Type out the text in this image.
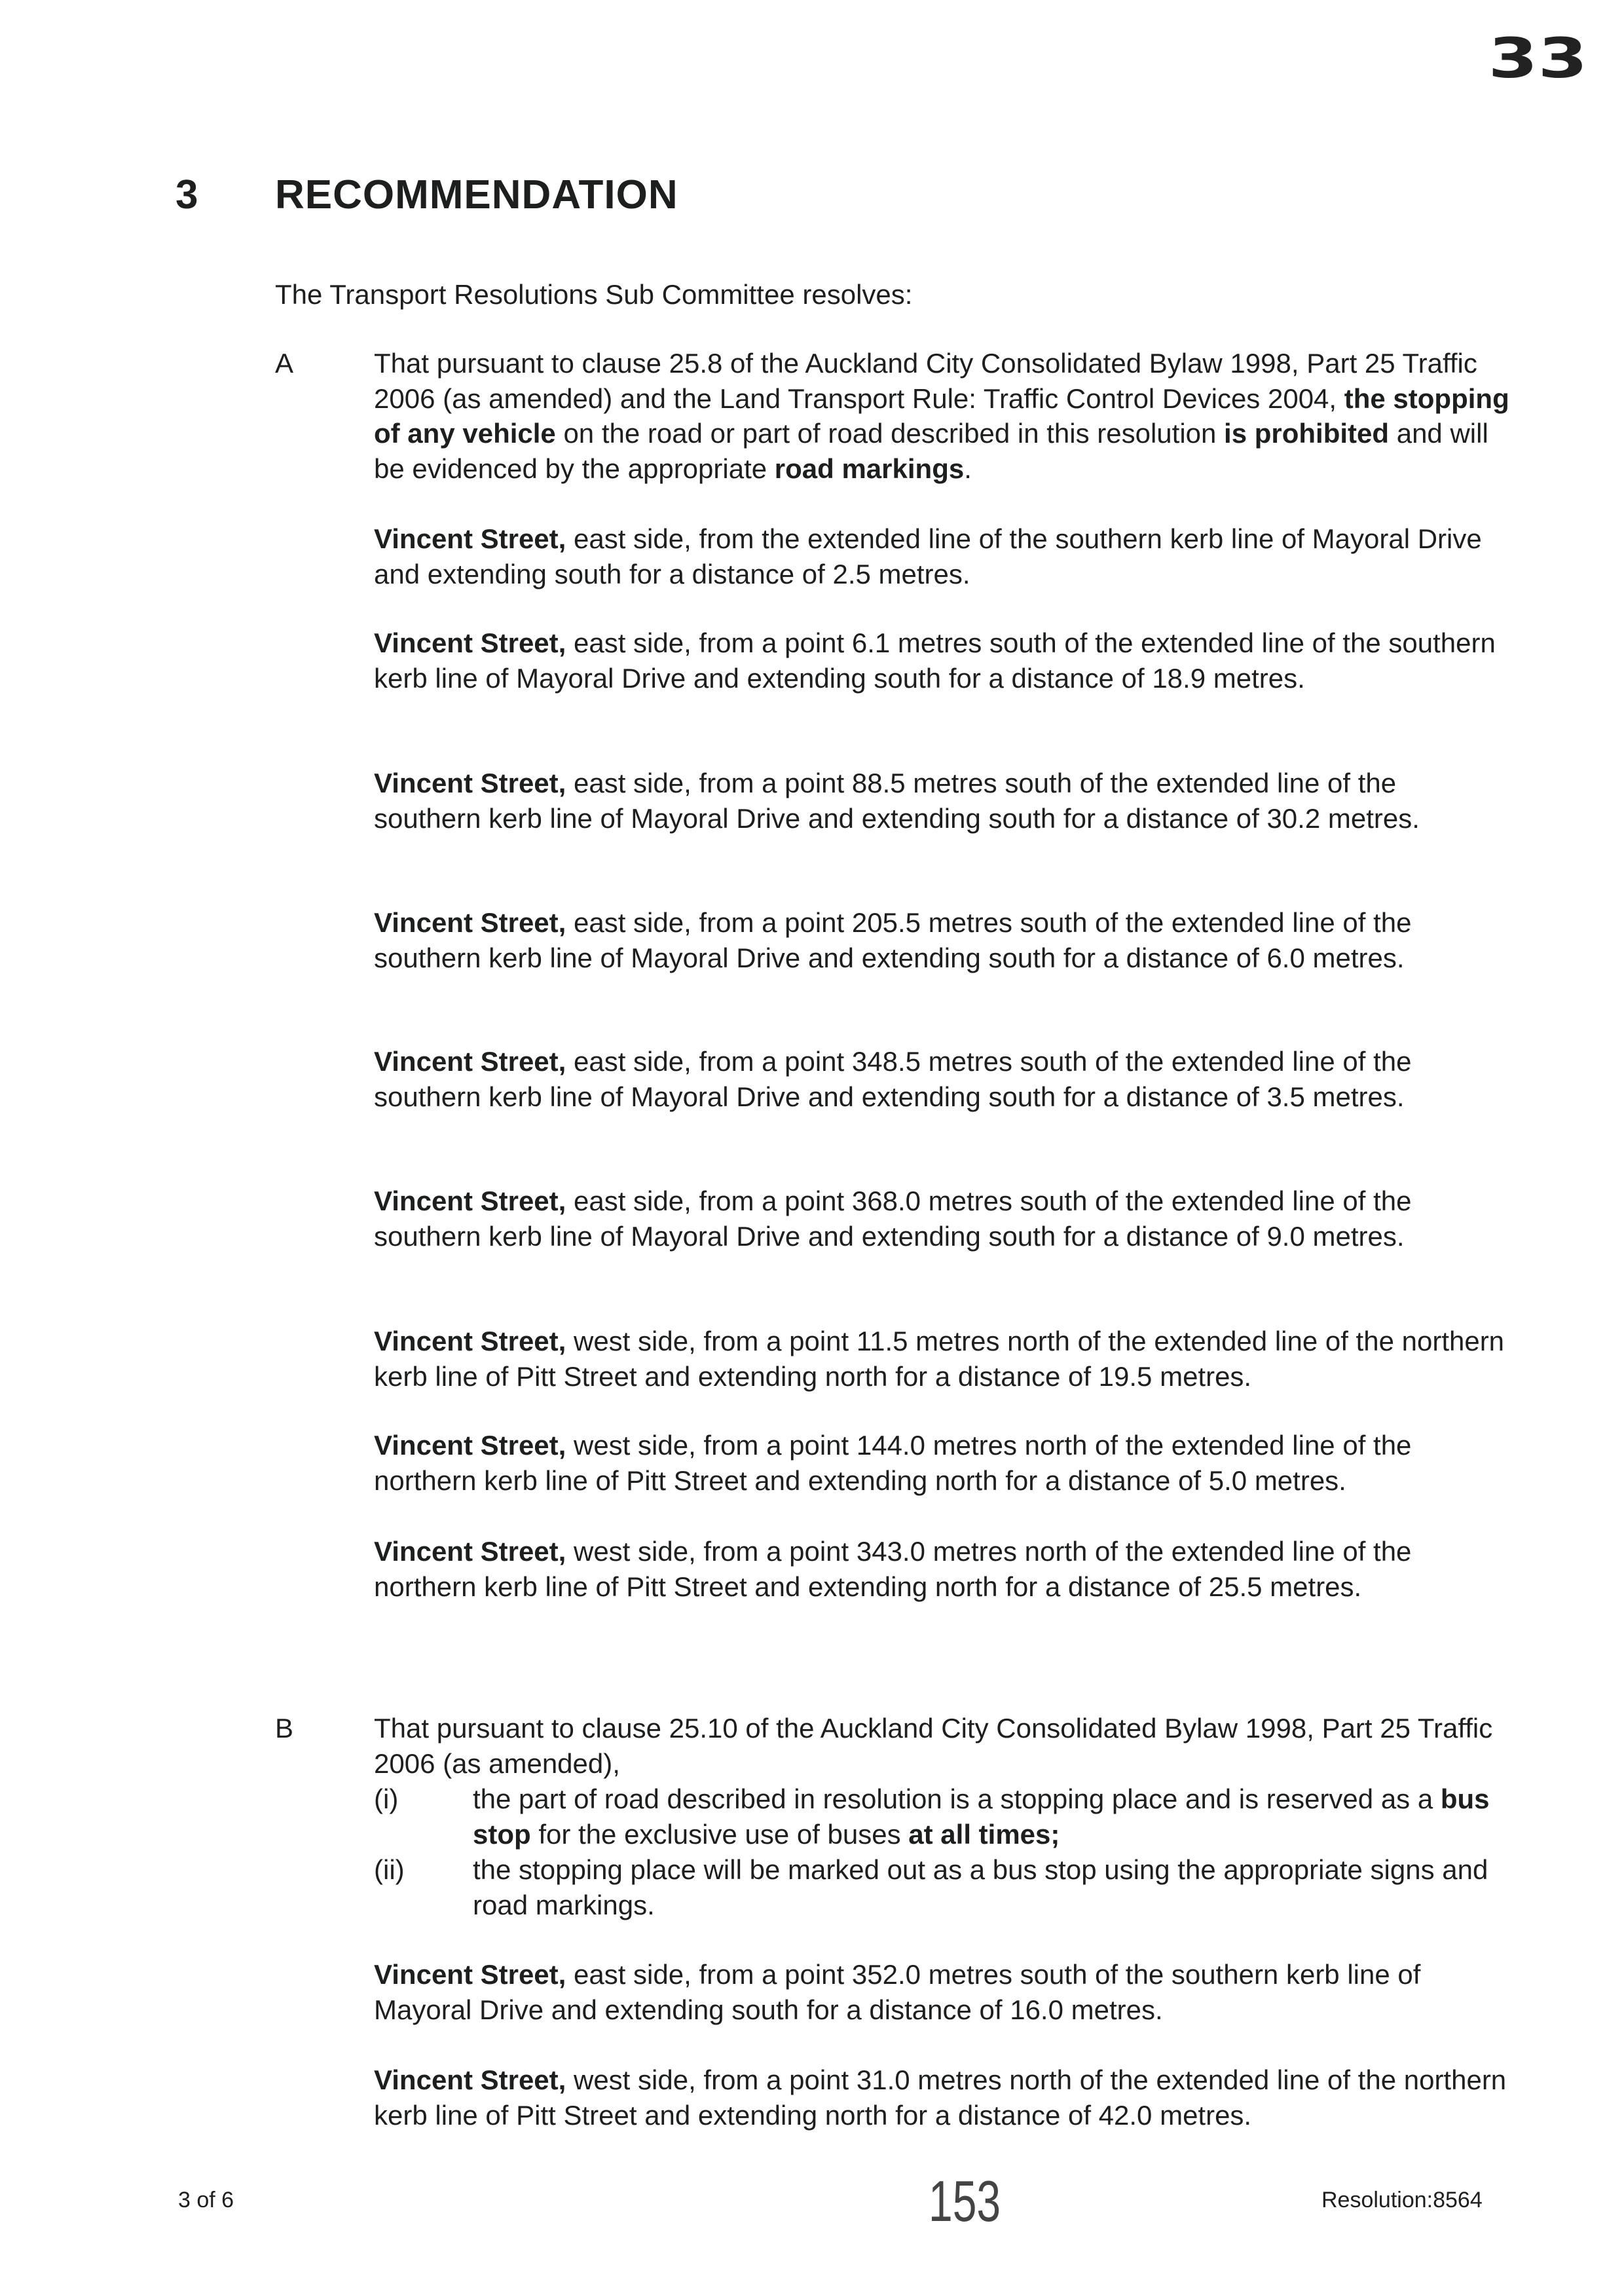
33
3 RECOMMENDATION
The Transport Resolutions Sub Committee resolves:
A	That pursuant to clause 25.8 of the Auckland City Consolidated Bylaw 1998, Part 25 Traffic 2006 (as amended) and the Land Transport Rule: Traffic Control Devices 2004, the stopping of any vehicle on the road or part of road described in this resolution is prohibited and will be evidenced by the appropriate road markings.
Vincent Street, east side, from the extended line of the southern kerb line of Mayoral Drive and extending south for a distance of 2.5 metres.
Vincent Street, east side, from a point 6.1 metres south of the extended line of the southern kerb line of Mayoral Drive and extending south for a distance of 18.9 metres.
Vincent Street, east side, from a point 88.5 metres south of the extended line of the southern kerb line of Mayoral Drive and extending south for a distance of 30.2 metres.
Vincent Street, east side, from a point 205.5 metres south of the extended line of the southern kerb line of Mayoral Drive and extending south for a distance of 6.0 metres.
Vincent Street, east side, from a point 348.5 metres south of the extended line of the southern kerb line of Mayoral Drive and extending south for a distance of 3.5 metres.
Vincent Street, east side, from a point 368.0 metres south of the extended line of the southern kerb line of Mayoral Drive and extending south for a distance of 9.0 metres.
Vincent Street, west side, from a point 11.5 metres north of the extended line of the northern kerb line of Pitt Street and extending north for a distance of 19.5 metres.
Vincent Street, west side, from a point 144.0 metres north of the extended line of the northern kerb line of Pitt Street and extending north for a distance of 5.0 metres.
Vincent Street, west side, from a point 343.0 metres north of the extended line of the northern kerb line of Pitt Street and extending north for a distance of 25.5 metres.
B	That pursuant to clause 25.10 of the Auckland City Consolidated Bylaw 1998, Part 25 Traffic 2006 (as amended),
(i)	the part of road described in resolution is a stopping place and is reserved as a bus stop for the exclusive use of buses at all times;
(ii) the stopping place will be marked out as a bus stop using the appropriate signs and road markings.
Vincent Street, east side, from a point 352.0 metres south of the southern kerb line of Mayoral Drive and extending south for a distance of 16.0 metres.
Vincent Street, west side, from a point 31.0 metres north of the extended line of the northern kerb line of Pitt Street and extending north for a distance of 42.0 metres.
3 of 6	153	Resolution:8564
